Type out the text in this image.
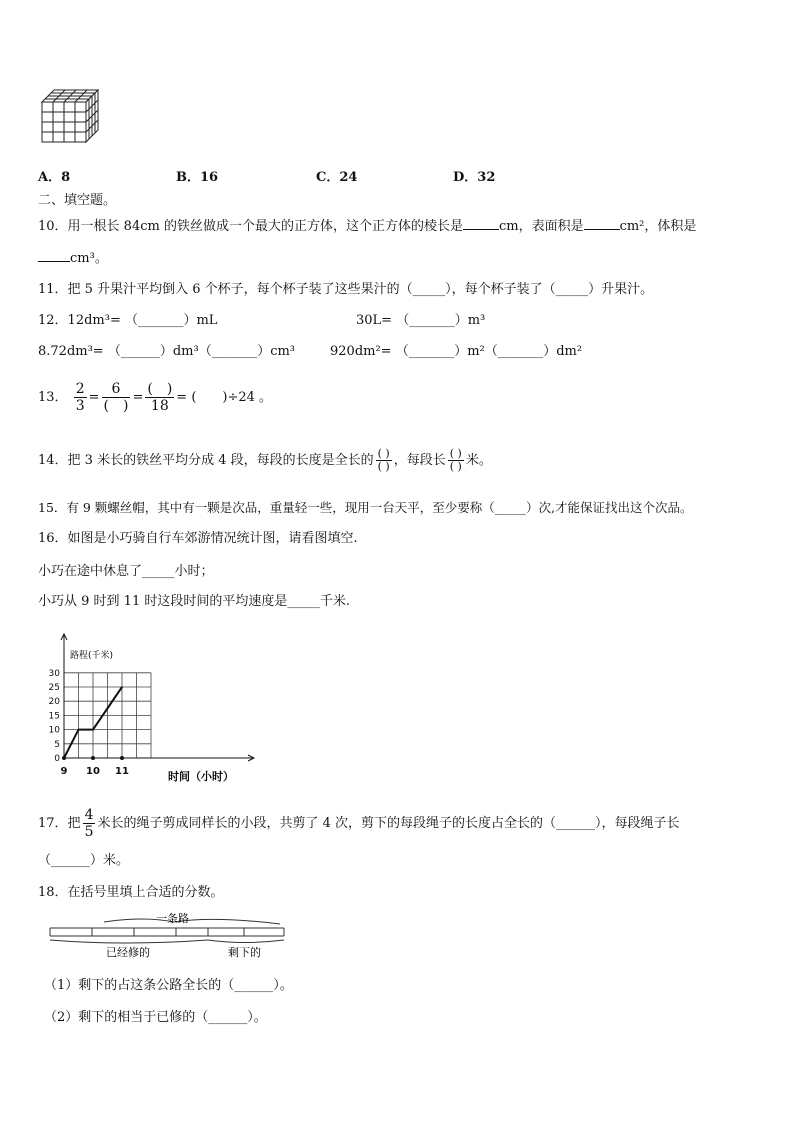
A．8	B．16	C．24	D．32
二、填空题。
10．用一根长 84cm 的铁丝做成一个最大的正方体，这个正方体的棱长是	cm，表面积是	cm²，体积是
cm³。
11．把 5 升果汁平均倒入 6 个杯子，每个杯子装了这些果汁的（_____），每个杯子装了（_____）升果汁。
12．12dm³= （_______）mL	30L= （_______）m³
8.72dm³= （______）dm³（_______）cm³	920dm²= （_______）m²（_______）dm²
13． $\frac{2}{3} = \frac{6}{( )} = \frac{( )}{18}$ = (　　)÷24 。
14．把 3 米长的铁丝平均分成 4 段，每段的长度是全长的 $\frac{( )}{( )}$ ，每段长 $\frac{( )}{( )}$ 米。
15．有 9 颗螺丝帽，其中有一颗是次品，重量轻一些，现用一台天平，至少要称（_____）次,才能保证找出这个次品。
16．如图是小巧骑自行车郊游情况统计图，请看图填空.
小巧在途中休息了_____小时；
小巧从 9 时到 11 时这段时间的平均速度是_____千米.
0
5
10
15
20
25
30
9 10 11
路程(千米)
时间（小时）
17．把 $\frac{4}{5}$ 米长的绳子剪成同样长的小段，共剪了 4 次，剪下的每段绳子的长度占全长的（______），每段绳子长
（______）米。
18．在括号里填上合适的分数。
一条路
已经修的	剩下的
（1）剩下的占这条公路全长的（______）。
（2）剩下的相当于已修的（______）。
